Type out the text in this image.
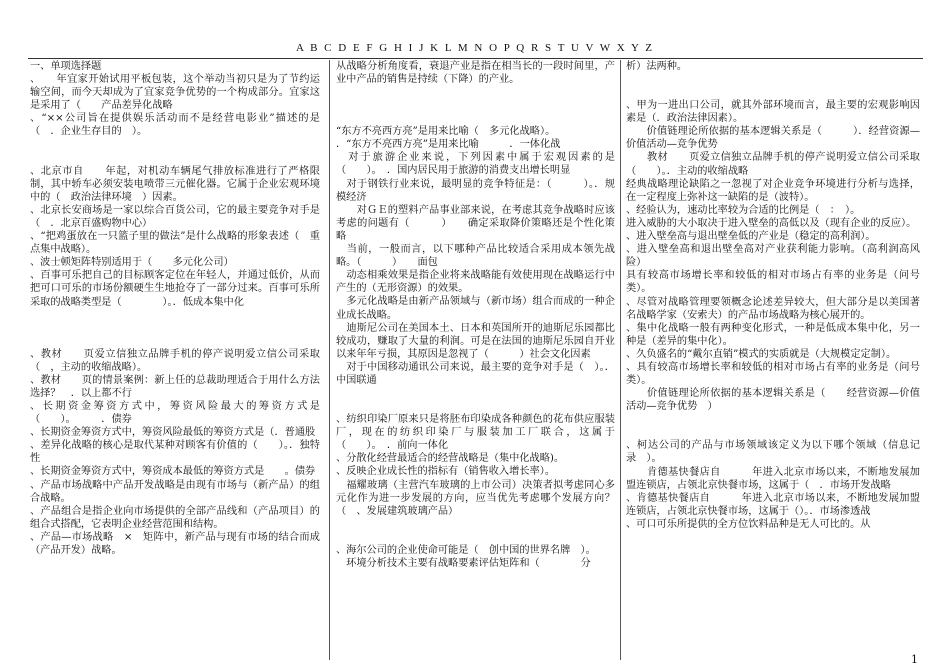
A B C D E F G H I J K L M N O P Q R S T U V W X Y Z

一、单项选择题

、　　年宜家开始试用平板包装，这个举动当初只是为了节约运输空间，而今天却成为了宜家竞争优势的一个构成部分。宜家这是采用了（　　产品差异化战略

、“××公司旨在提供娱乐活动而不是经营电影业”描述的是（　．企业生存目的　）。

、北京市自　　年起，对机动车辆尾气排放标准进行了严格限制，其中轿车必须安装电喷带三元催化器。它属于企业宏观环境中的（　政治法律环境　）因素。

、北京长安商场是一家以综合百货公司，它的最主要竞争对手是（　．北京百盛购物中心）

、“把鸡蛋放在一只篮子里的做法”是什么战略的形象表述（　重点集中战略）。

、波士顿矩阵特别适用于（　　多元化公司）

、百事可乐把自己的目标顾客定位在年轻人，并通过低价，从而把可口可乐的市场份额硬生生地抢夺了一部分过来。百事可乐所采取的战略类型是（　　　　）。．低成本集中化

、教材　　页爱立信独立品牌手机的停产说明爱立信公司采取（　，主动的收缩战略）。

、教材　　页的情景案例：新上任的总裁助理适合于用什么方法选择？　．以上都不行

、长期资金筹资方式中，筹资风险最大的筹资方式是（　　）。　　　．债券

、长期资金筹资方式中，筹资风险最低的筹资方式是（．普通股

、差异化战略的核心是取代某种对顾客有价值的（　　）。．独特性

、长期资金筹资方式中，筹资成本最低的筹资方式是　　。债券

、产品市场战略中产品开发战略是由现有市场与（新产品）的组合战略。

、产品组合是指企业向市场提供的全部产品线和（产品项目）的组合式搭配，它表明企业经营范围和结构。

、产品—市场战略　×　矩阵中，新产品与现有市场的结合而成（产品开发）战略。

从战略分析角度看，衰退产业是指在相当长的一段时间里，产业中产品的销售是持续（下降）的产业。

“东方不亮西方亮”是用来比喻（　多元化战略）。

．“东方不亮西方亮”是用来比喻　　　．一体化战

　对于旅游企业来说，下列因素中属于宏观因素的是（　　）。　．国内居民用于旅游的消费支出增长明显

　对于钢铁行业来说，最明显的竞争特征是：（　　　）。．规模经济

　　对ＧＥ的塑料产品事业部来说，在考虑其竞争战略时应该考虑的问题有（　　　）　　确定采取降价策略还是个性化策略

　当前，一般而言，以下哪种产品比较适合采用成本领先战略。（　　　）　　面包

　动态相乘效果是指企业将来战略能有效使用现在战略运行中产生的（无形资源）的效果。

　多元化战略是由新产品领域与（新市场）组合而成的一种企业成长战略。

　迪斯尼公司在美国本土、日本和英国所开的迪斯尼乐园都比较成功，赚取了大量的利润。可是在法国的迪斯尼乐园自开业以来年年亏损，其原因是忽视了（　　　）社会文化因素

　对于中国移动通讯公司来说，最主要的竞争对手是（　）。．中国联通

、纺织印染厂原来只是将胚布印染成各种颜色的花布供应服装厂，现在的纺织印染厂与服装加工厂联合，这属于（　　）。　．前向一体化

、分散化经营最适合的经营战略是（集中化战略)。

、反映企业成长性的指标有（销售收入增长率）。

　福耀玻璃（主营汽车玻璃的上市公司）决策者拟考虑同心多元化作为进一步发展的方向，应当优先考虑哪个发展方向？（　、发展建筑玻璃产品）

、海尔公司的企业使命可能是（　创中国的世界名牌　）。

　环境分析技术主要有战略要素评估矩阵和（　　　　分

析）法两种。

、甲为一进出口公司，就其外部环境而言，最主要的宏观影响因素是（．政治法律因素）。

　　价值链理论所依据的基本逻辑关系是（　　　）．经营资源—价值活动—竞争优势

　　教材　　页爱立信独立品牌手机的停产说明爱立信公司采取（　　）。．主动的收缩战略

经典战略理论缺陷之一忽视了对企业竞争环境进行分析与选择，在一定程度上弥补这一缺陷的是（波特）。

、经验认为，速动比率较为合适的比例是（　：　）。

进入威胁的大小取决于进入壁垒的高低以及（现有企业的反应）。

、进入壁垒高与退出壁垒低的产业是（稳定的高利润）。

、进入壁垒高和退出壁垒高对产业获利能力影响。（高利润高风险）

具有较高市场增长率和较低的相对市场占有率的业务是（问号类）。

、尽管对战略管理要领概念论述差异较大，但大部分是以美国著名战略学家（安索夫）的产品市场战略为核心展开的。

、集中化战略一般有两种变化形式，一种是低成本集中化，另一种是（差异的集中化）。

、久负盛名的“戴尔直销”模式的实质就是（大规模定定制）。

、具有较高市场增长率和较低的相对市场占有率的业务是（问号类）。

　　价值链理论所依据的基本逻辑关系是（　　经营资源—价值活动—竞争优势　）

、柯达公司的产品与市场领域该定义为以下哪个领域（信息记录　）。

　　肯德基快餐店自　　　年进入北京市场以来，不断地发展加盟连锁店，占领北京快餐市场，这属于（　．市场开发战略

、肯德基快餐店自　　　年进入北京市场以来，不断地发展加盟连锁店，占领北京快餐市场，这属于（）。．市场渗透战

、可口可乐所提供的全方位饮料品种是无人可比的。从

1
